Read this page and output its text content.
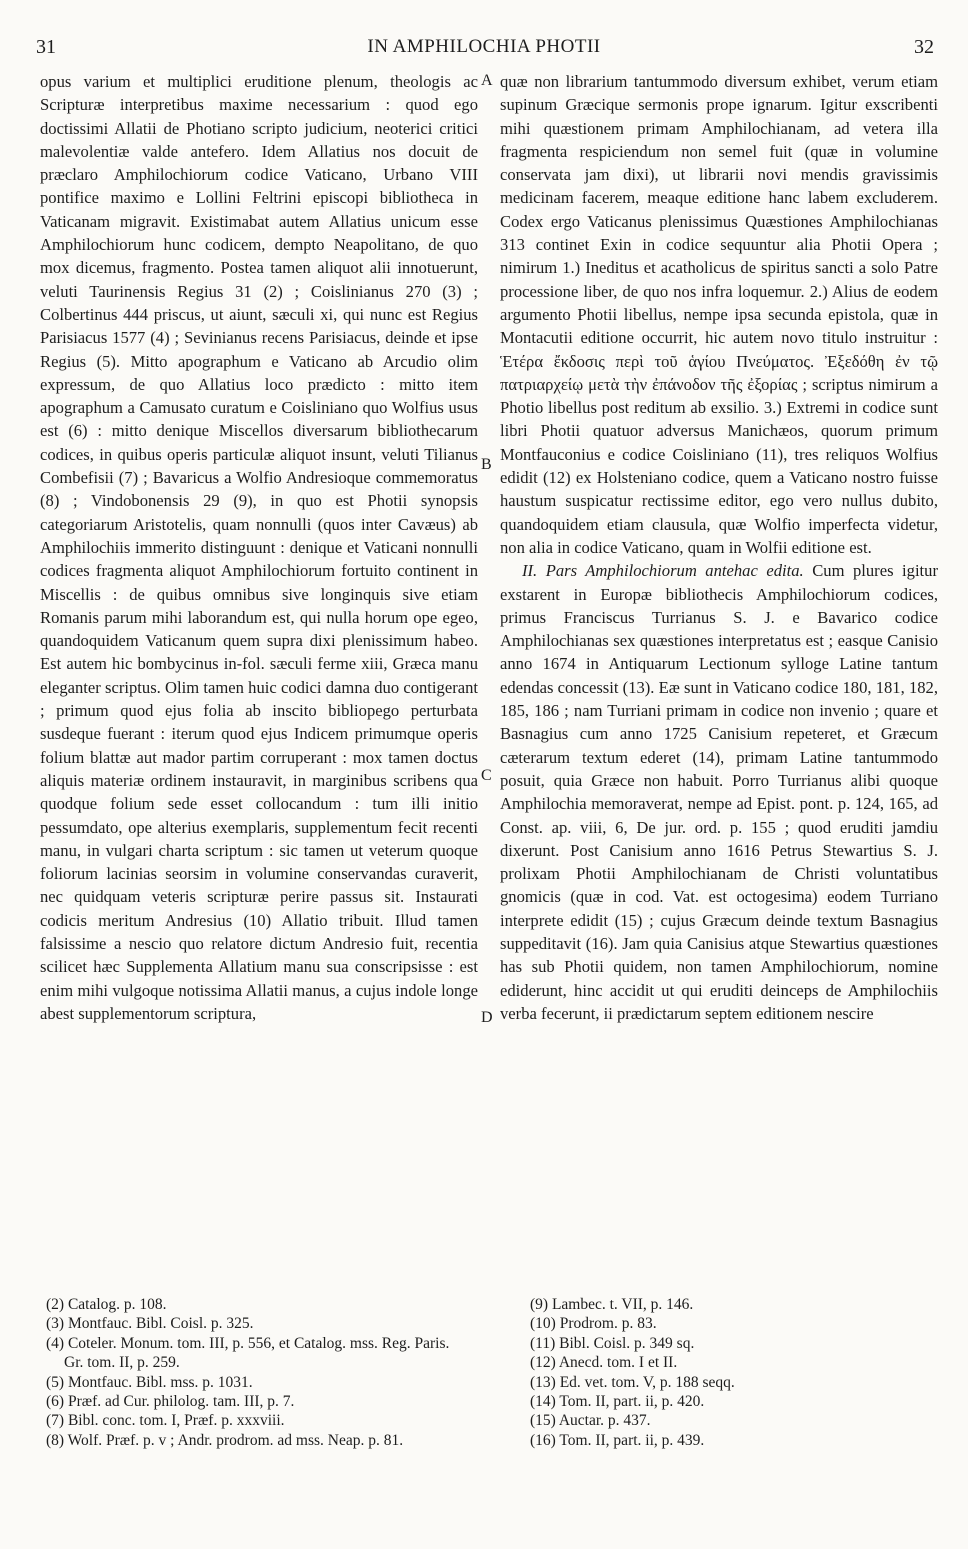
31	IN AMPHILOCHIA PHOTII	32
A
B
C
D

opus varium et multiplici eruditione plenum, theologis ac Scripturæ interpretibus maxime necessarium : quod ego doctissimi Allatii de Photiano scripto judicium, neoterici critici malevolentiæ valde antefero. Idem Allatius nos docuit de præclaro Amphilochiorum codice Vaticano, Urbano VIII pontifice maximo e Lollini Feltrini episcopi bibliotheca in Vaticanam migravit. Existimabat autem Allatius unicum esse Amphilochiorum hunc codicem, dempto Neapolitano, de quo mox dicemus, fragmento. Postea tamen aliquot alii innotuerunt, veluti Taurinensis Regius 31 (2) ; Coislinianus 270 (3) ; Colbertinus 444 priscus, ut aiunt, sæculi xi, qui nunc est Regius Parisiacus 1577 (4) ; Sevinianus recens Parisiacus, deinde et ipse Regius (5). Mitto apographum e Vaticano ab Arcudio olim expressum, de quo Allatius loco prædicto : mitto item apographum a Camusato curatum e Coisliniano quo Wolfius usus est (6) : mitto denique Miscellos diversarum bibliothecarum codices, in quibus operis particulæ aliquot insunt, veluti Tilianus Combefisii (7) ; Bavaricus a Wolfio Andresioque commemoratus (8) ; Vindobonensis 29 (9), in quo est Photii synopsis categoriarum Aristotelis, quam nonnulli (quos inter Cavæus) ab Amphilochiis immerito distinguunt : denique et Vaticani nonnulli codices fragmenta aliquot Amphilochiorum fortuito continent in Miscellis : de quibus omnibus sive longinquis sive etiam Romanis parum mihi laborandum est, qui nulla horum ope egeo, quandoquidem Vaticanum quem supra dixi plenissimum habeo. Est autem hic bombycinus in-fol. sæculi ferme xiii, Græca manu eleganter scriptus. Olim tamen huic codici damna duo contigerant ; primum quod ejus folia ab inscito bibliopego perturbata susdeque fuerant : iterum quod ejus Indicem primumque operis folium blattæ aut mador partim corruperant : mox tamen doctus aliquis materiæ ordinem instauravit, in marginibus scribens qua quodque folium sede esset collocandum : tum illi initio pessumdato, ope alterius exemplaris, supplementum fecit recenti manu, in vulgari charta scriptum : sic tamen ut veterum quoque foliorum lacinias seorsim in volumine conservandas curaverit, nec quidquam veteris scripturæ perire passus sit. Instaurati codicis meritum Andresius (10) Allatio tribuit. Illud tamen falsissime a nescio quo relatore dictum Andresio fuit, recentia scilicet hæc Supplementa Allatium manu sua conscripsisse : est enim mihi vulgoque notissima Allatii manus, a cujus indole longe abest supplementorum scriptura,

quæ non librarium tantummodo diversum exhibet, verum etiam supinum Græcique sermonis prope ignarum. Igitur exscribenti mihi quæstionem primam Amphilochianam, ad vetera illa fragmenta respiciendum non semel fuit (quæ in volumine conservata jam dixi), ut librarii novi mendis gravissimis medicinam facerem, meaque editione hanc labem excluderem. Codex ergo Vaticanus plenissimus Quæstiones Amphilochianas 313 continet Exin in codice sequuntur alia Photii Opera ; nimirum 1.) Ineditus et acatholicus de spiritus sancti a solo Patre processione liber, de quo nos infra loquemur. 2.) Alius de eodem argumento Photii libellus, nempe ipsa secunda epistola, quæ in Montacutii editione occurrit, hic autem novo titulo instruitur : Ἑτέρα ἔκδοσις περὶ τοῦ ἁγίου Πνεύματος. Ἐξεδόθη ἐν τῷ πατριαρχείῳ μετὰ τὴν ἐπάνοδον τῆς ἐξορίας ; scriptus nimirum a Photio libellus post reditum ab exsilio. 3.) Extremi in codice sunt libri Photii quatuor adversus Manichæos, quorum primum Montfauconius e codice Coisliniano (11), tres reliquos Wolfius edidit (12) ex Holsteniano codice, quem a Vaticano nostro fuisse haustum suspicatur rectissime editor, ego vero nullus dubito, quandoquidem etiam clausula, quæ Wolfio imperfecta videtur, non alia in codice Vaticano, quam in Wolfii editione est.

II. Pars Amphilochiorum antehac edita. Cum plures igitur exstarent in Europæ bibliothecis Amphilochiorum codices, primus Franciscus Turrianus S. J. e Bavarico codice Amphilochianas sex quæstiones interpretatus est ; easque Canisio anno 1674 in Antiquarum Lectionum sylloge Latine tantum edendas concessit (13). Eæ sunt in Vaticano codice 180, 181, 182, 185, 186 ; nam Turriani primam in codice non invenio ; quare et Basnagius cum anno 1725 Canisium repeteret, et Græcum cæterarum textum ederet (14), primam Latine tantummodo posuit, quia Græce non habuit. Porro Turrianus alibi quoque Amphilochia memoraverat, nempe ad Epist. pont. p. 124, 165, ad Const. ap. viii, 6, De jur. ord. p. 155 ; quod eruditi jamdiu dixerunt. Post Canisium anno 1616 Petrus Stewartius S. J. prolixam Photii Amphilochianam de Christi voluntatibus gnomicis (quæ in cod. Vat. est octogesima) eodem Turriano interprete edidit (15) ; cujus Græcum deinde textum Basnagius suppeditavit (16). Jam quia Canisius atque Stewartius quæstiones has sub Photii quidem, non tamen Amphilochiorum, nomine ediderunt, hinc accidit ut qui eruditi deinceps de Amphilochiis verba fecerunt, ii prædictarum septem editionem nescire

(2) Catalog. p. 108.

(3) Montfauc. Bibl. Coisl. p. 325.

(4) Coteler. Monum. tom. III, p. 556, et Catalog. mss. Reg. Paris. Gr. tom. II, p. 259.

(5) Montfauc. Bibl. mss. p. 1031.

(6) Præf. ad Cur. philolog. tam. III, p. 7.

(7) Bibl. conc. tom. I, Præf. p. xxxviii.

(8) Wolf. Præf. p. v ; Andr. prodrom. ad mss. Neap. p. 81.

(9) Lambec. t. VII, p. 146.

(10) Prodrom. p. 83.

(11) Bibl. Coisl. p. 349 sq.

(12) Anecd. tom. I et II.

(13) Ed. vet. tom. V, p. 188 seqq.

(14) Tom. II, part. ii, p. 420.

(15) Auctar. p. 437.

(16) Tom. II, part. ii, p. 439.
